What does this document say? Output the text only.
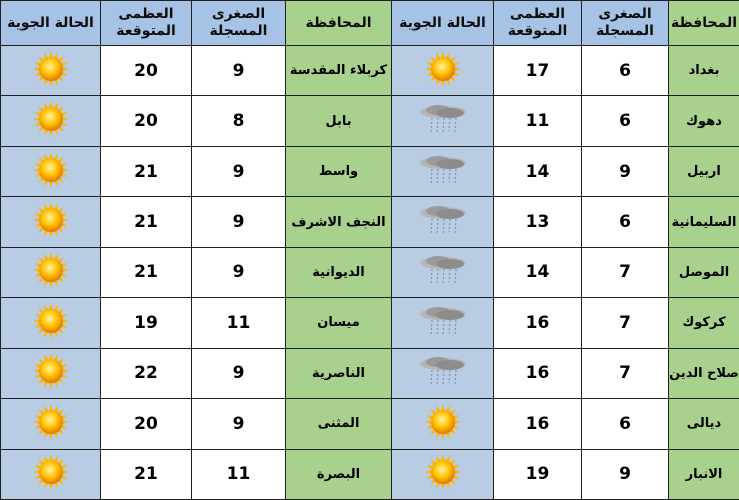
الحالة الجوية	العظمى المتوقعة	الصغرى المسجلة	المحافظة	الحالة الجوية	العظمى المتوقعة	الصغرى المسجلة	المحافظة
	20	9	كربلاء المقدسة		17	6	بغداد
	20	8	بابل		11	6	دهوك
	21	9	واسط		14	9	اربيل
	21	9	النجف الاشرف		13	6	السليمانية
	21	9	الديوانية		14	7	الموصل
	19	11	ميسان		16	7	كركوك
	22	9	الناصرية		16	7	صلاح الدين
	20	9	المثنى		16	6	ديالى
	21	11	البصرة		19	9	الانبار
